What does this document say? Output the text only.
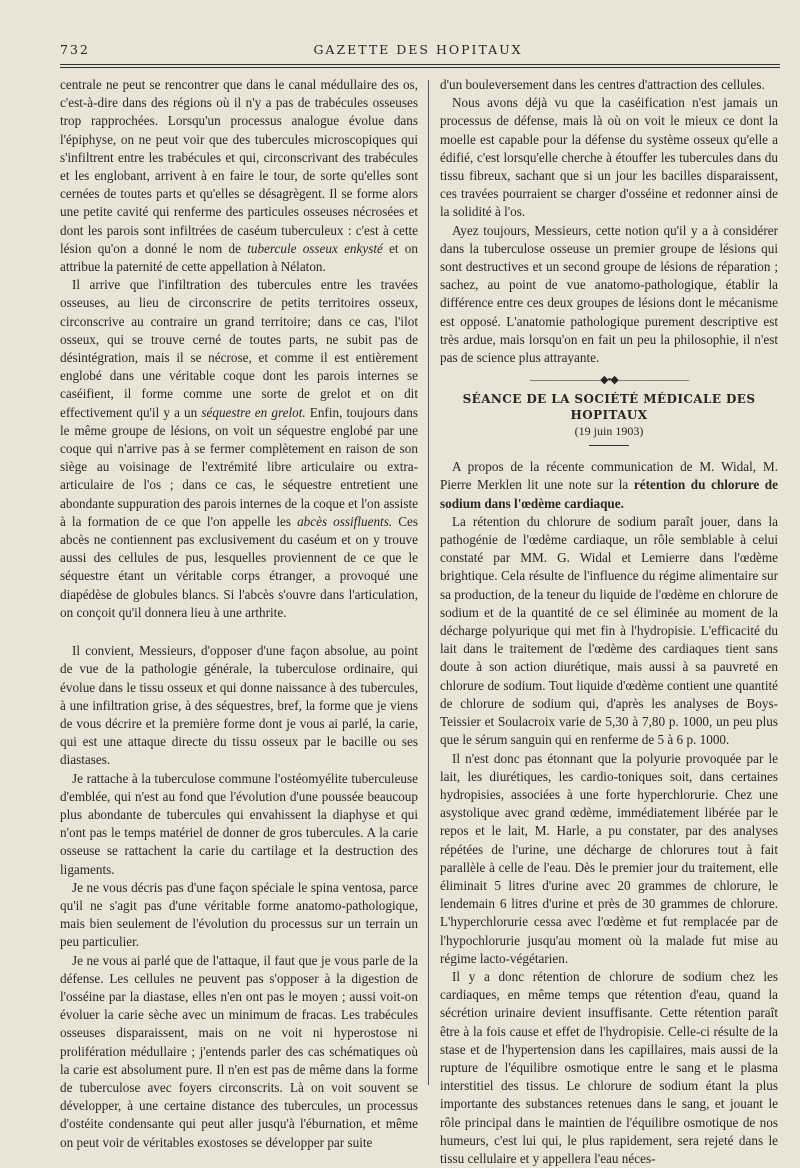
732	GAZETTE DES HOPITAUX

centrale ne peut se rencontrer que dans le canal médullaire des os, c'est-à-dire dans des régions où il n'y a pas de trabécules osseuses trop rapprochées. Lorsqu'un processus analogue évolue dans l'épiphyse, on ne peut voir que des tubercules microscopiques qui s'infiltrent entre les trabécules et qui, circonscrivant des trabécules et les englobant, arrivent à en faire le tour, de sorte qu'elles sont cernées de toutes parts et qu'elles se désagrègent. Il se forme alors une petite cavité qui renferme des particules osseuses nécrosées et dont les parois sont infiltrées de caséum tuberculeux : c'est à cette lésion qu'on a donné le nom de tubercule osseux enkysté et on attribue la paternité de cette appellation à Nélaton.

Il arrive que l'infiltration des tubercules entre les travées osseuses, au lieu de circonscrire de petits territoires osseux, circonscrive au contraire un grand territoire; dans ce cas, l'ilot osseux, qui se trouve cerné de toutes parts, ne subit pas de désintégration, mais il se nécrose, et comme il est entièrement englobé dans une véritable coque dont les parois internes se caséifient, il forme comme une sorte de grelot et on dit effectivement qu'il y a un séquestre en grelot. Enfin, toujours dans le même groupe de lésions, on voit un séquestre englobé par une coque qui n'arrive pas à se fermer complètement en raison de son siège au voisinage de l'extrémité libre articulaire ou extra-articulaire de l'os ; dans ce cas, le séquestre entretient une abondante suppuration des parois internes de la coque et l'on assiste à la formation de ce que l'on appelle les abcès ossifluents. Ces abcès ne contiennent pas exclusivement du caséum et on y trouve aussi des cellules de pus, lesquelles proviennent de ce que le séquestre étant un véritable corps étranger, a provoqué une diapédèse de globules blancs. Si l'abcès s'ouvre dans l'articulation, on conçoit qu'il donnera lieu à une arthrite.

Il convient, Messieurs, d'opposer d'une façon absolue, au point de vue de la pathologie générale, la tuberculose ordinaire, qui évolue dans le tissu osseux et qui donne naissance à des tubercules, à une infiltration grise, à des séquestres, bref, la forme que je viens de vous décrire et la première forme dont je vous ai parlé, la carie, qui est une attaque directe du tissu osseux par le bacille ou ses diastases.

Je rattache à la tuberculose commune l'ostéomyélite tuberculeuse d'emblée, qui n'est au fond que l'évolution d'une poussée beaucoup plus abondante de tubercules qui envahissent la diaphyse et qui n'ont pas le temps matériel de donner de gros tubercules. A la carie osseuse se rattachent la carie du cartilage et la destruction des ligaments.

Je ne vous décris pas d'une façon spéciale le spina ventosa, parce qu'il ne s'agit pas d'une véritable forme anatomo-pathologique, mais bien seulement de l'évolution du processus sur un terrain un peu particulier.

Je ne vous ai parlé que de l'attaque, il faut que je vous parle de la défense. Les cellules ne peuvent pas s'opposer à la digestion de l'osséine par la diastase, elles n'en ont pas le moyen ; aussi voit-on évoluer la carie sèche avec un minimum de fracas. Les trabécules osseuses disparaissent, mais on ne voit ni hyperostose ni prolifération médullaire ; j'entends parler des cas schématiques où la carie est absolument pure. Il n'en est pas de même dans la forme de tuberculose avec foyers circonscrits. Là on voit souvent se développer, à une certaine distance des tubercules, un processus d'ostéite condensante qui peut aller jusqu'à l'éburnation, et même on peut voir de véritables exostoses se développer par suite

d'un bouleversement dans les centres d'attraction des cellules.

Nous avons déjà vu que la caséification n'est jamais un processus de défense, mais là où on voit le mieux ce dont la moelle est capable pour la défense du système osseux qu'elle a édifié, c'est lorsqu'elle cherche à étouffer les tubercules dans du tissu fibreux, sachant que si un jour les bacilles disparaissent, ces travées pourraient se charger d'osséine et redonner ainsi de la solidité à l'os.

Ayez toujours, Messieurs, cette notion qu'il y a à considérer dans la tuberculose osseuse un premier groupe de lésions qui sont destructives et un second groupe de lésions de réparation ; sachez, au point de vue anatomo-pathologique, établir la différence entre ces deux groupes de lésions dont le mécanisme est opposé. L'anatomie pathologique purement descriptive est très ardue, mais lorsqu'on en fait un peu la philosophie, il n'est pas de science plus attrayante.

———————◆•◆———————
SÉANCE DE LA SOCIÉTÉ MÉDICALE DES HOPITAUX
(19 juin 1903)

A propos de la récente communication de M. Widal, M. Pierre Merklen lit une note sur la rétention du chlorure de sodium dans l'œdème cardiaque.

La rétention du chlorure de sodium paraît jouer, dans la pathogénie de l'œdème cardiaque, un rôle semblable à celui constaté par MM. G. Widal et Lemierre dans l'œdème brightique. Cela résulte de l'influence du régime alimentaire sur sa production, de la teneur du liquide de l'œdème en chlorure de sodium et de la quantité de ce sel éliminée au moment de la décharge polyurique qui met fin à l'hydropisie. L'efficacité du lait dans le traitement de l'œdème des cardiaques tient sans doute à son action diurétique, mais aussi à sa pauvreté en chlorure de sodium. Tout liquide d'œdème contient une quantité de chlorure de sodium qui, d'après les analyses de Boys-Teissier et Soulacroix varie de 5,30 à 7,80 p. 1000, un peu plus que le sérum sanguin qui en renferme de 5 à 6 p. 1000.

Il n'est donc pas étonnant que la polyurie provoquée par le lait, les diurétiques, les cardio-toniques soit, dans certaines hydropisies, associées à une forte hyperchlorurie. Chez une asystolique avec grand œdème, immédiatement libérée par le repos et le lait, M. Harle, a pu constater, par des analyses répétées de l'urine, une décharge de chlorures tout à fait parallèle à celle de l'eau. Dès le premier jour du traitement, elle éliminait 5 litres d'urine avec 20 grammes de chlorure, le lendemain 6 litres d'urine et près de 30 grammes de chlorure. L'hyperchlorurie cessa avec l'œdème et fut remplacée par de l'hypochlorurie jusqu'au moment où la malade fut mise au régime lacto-végétarien.

Il y a donc rétention de chlorure de sodium chez les cardiaques, en même temps que rétention d'eau, quand la sécrétion urinaire devient insuffisante. Cette rétention paraît être à la fois cause et effet de l'hydropisie. Celle-ci résulte de la stase et de l'hypertension dans les capillaires, mais aussi de la rupture de l'équilibre osmotique entre le sang et le plasma interstitiel des tissus. Le chlorure de sodium étant la plus importante des substances retenues dans le sang, et jouant le rôle principal dans le maintien de l'équilibre osmotique de nos humeurs, c'est lui qui, le plus rapidement, sera rejeté dans le tissu cellulaire et y appellera l'eau néces-
